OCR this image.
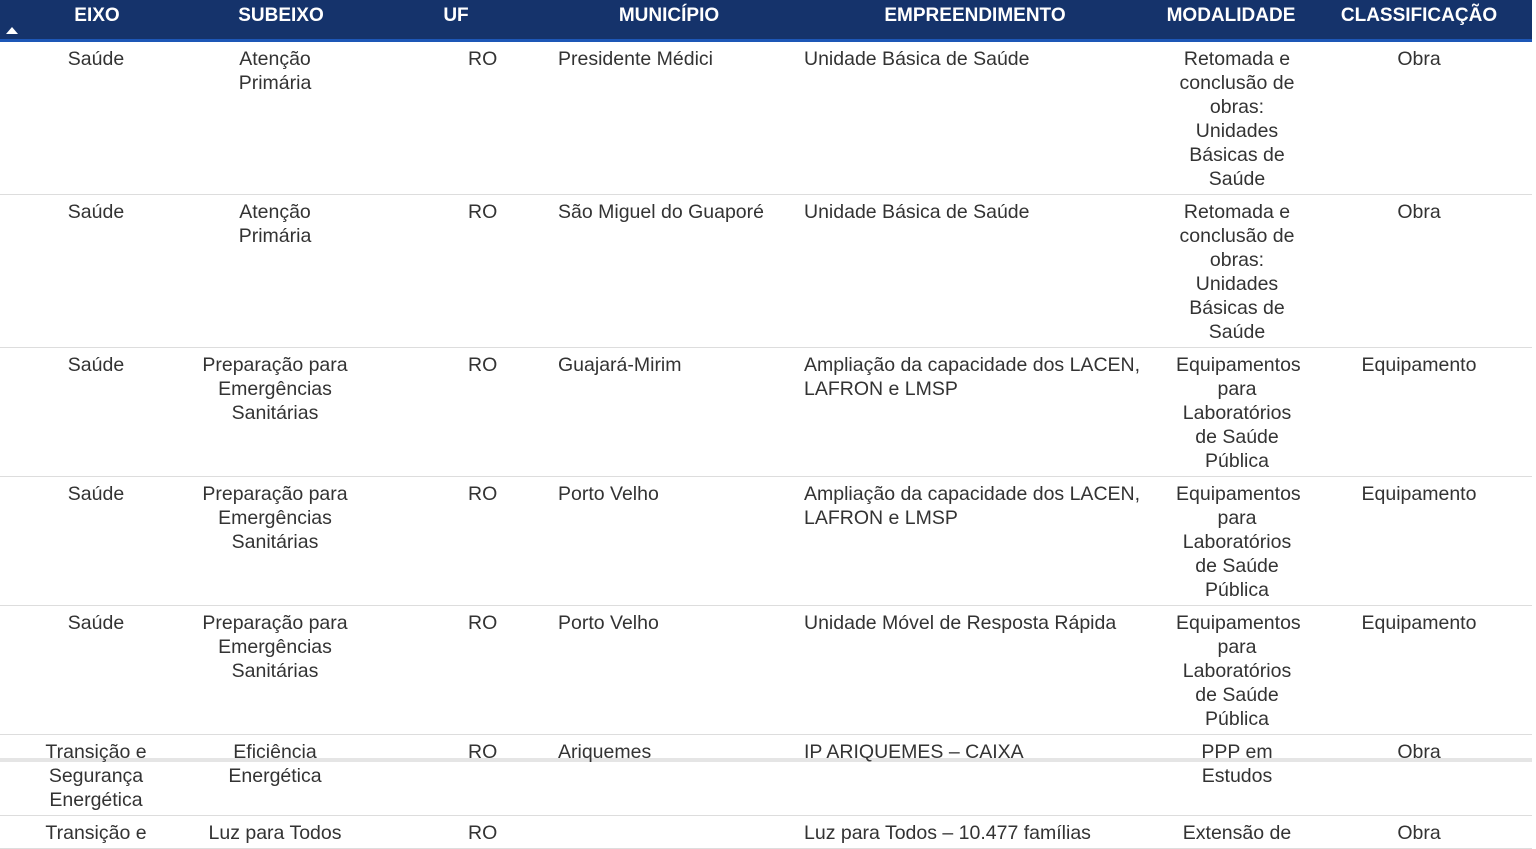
EIXO	SUBEIXO	UF	MUNICÍPIO	EMPREENDIMENTO	MODALIDADE	CLASSIFICAÇÃO
Saúde	Atenção Primária	RO	Presidente Médici	Unidade Básica de Saúde	Retomada e conclusão de obras: Unidades Básicas de Saúde	Obra
Saúde	Atenção Primária	RO	São Miguel do Guaporé	Unidade Básica de Saúde	Retomada e conclusão de obras: Unidades Básicas de Saúde	Obra
Saúde	Preparação para Emergências Sanitárias	RO	Guajará-Mirim	Ampliação da capacidade dos LACEN, LAFRON e LMSP	Equipamentos para Laboratórios de Saúde Pública	Equipamento
Saúde	Preparação para Emergências Sanitárias	RO	Porto Velho	Ampliação da capacidade dos LACEN, LAFRON e LMSP	Equipamentos para Laboratórios de Saúde Pública	Equipamento
Saúde	Preparação para Emergências Sanitárias	RO	Porto Velho	Unidade Móvel de Resposta Rápida	Equipamentos para Laboratórios de Saúde Pública	Equipamento
Transição e Segurança Energética	Eficiência Energética	RO	Ariquemes	IP ARIQUEMES – CAIXA	PPP em Estudos	Obra
Transição e	Luz para Todos	RO		Luz para Todos – 10.477 famílias	Extensão de	Obra
